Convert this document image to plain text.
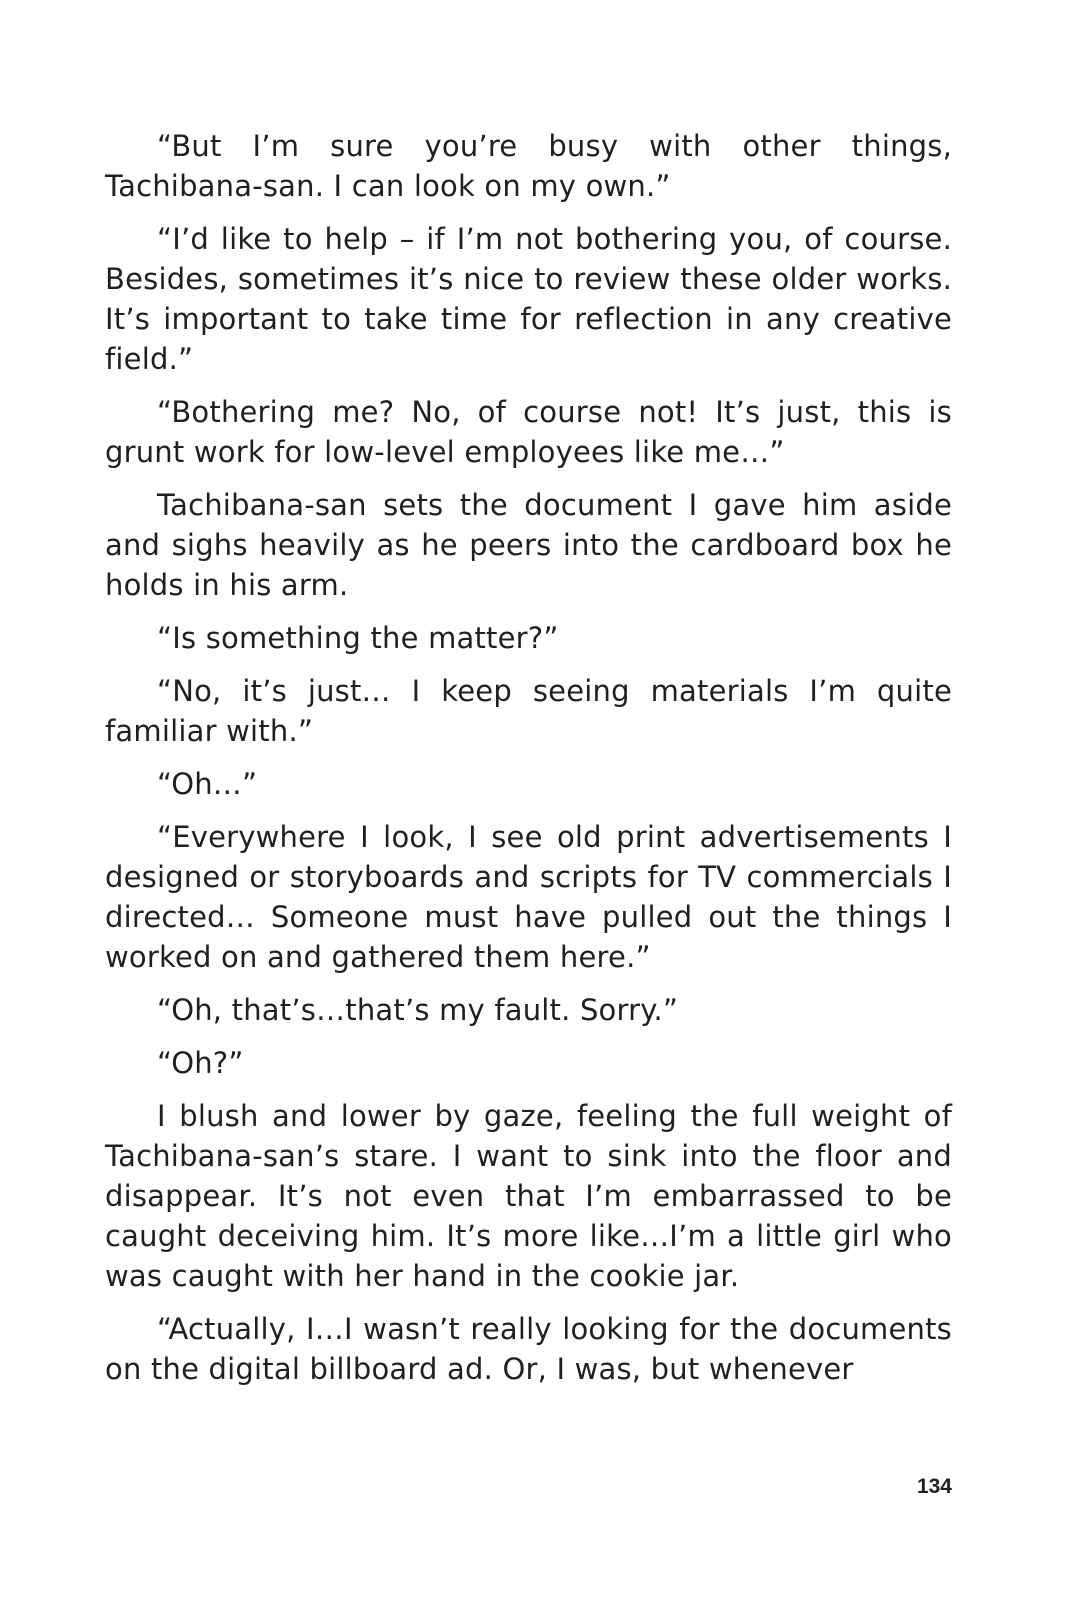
“But I’m sure you’re busy with other things, Tachibana-san. I can look on my own.”

“I’d like to help – if I’m not bothering you, of course. Besides, sometimes it’s nice to review these older works. It’s important to take time for reflection in any creative field.”

“Bothering me? No, of course not! It’s just, this is grunt work for low-level employees like me…”

Tachibana-san sets the document I gave him aside and sighs heavily as he peers into the cardboard box he holds in his arm.

“Is something the matter?”

“No, it’s just… I keep seeing materials I’m quite familiar with.”

“Oh…”

“Everywhere I look, I see old print advertisements I designed or storyboards and scripts for TV commercials I directed… Someone must have pulled out the things I worked on and gathered them here.”

“Oh, that’s…that’s my fault. Sorry.”

“Oh?”

I blush and lower by gaze, feeling the full weight of Tachibana-san’s stare. I want to sink into the floor and disappear. It’s not even that I’m embarrassed to be caught deceiving him. It’s more like…I’m a little girl who was caught with her hand in the cookie jar.

“Actually, I…I wasn’t really looking for the documents on the digital billboard ad. Or, I was, but whenever

134
